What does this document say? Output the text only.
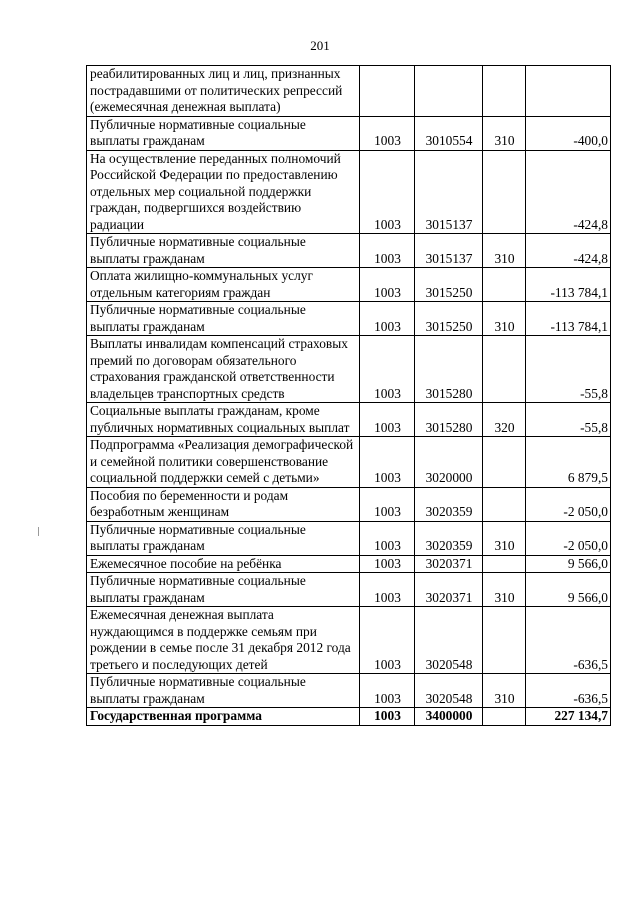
201
реабилитированных лиц и лиц, признанных пострадавшими от политических репрессий (ежемесячная денежная выплата)				
Публичные нормативные социальные выплаты гражданам	1003	3010554	310	-400,0
На осуществление переданных полномочий Российской Федерации по предоставлению отдельных мер социальной поддержки граждан, подвергшихся воздействию радиации	1003	3015137		-424,8
Публичные нормативные социальные выплаты гражданам	1003	3015137	310	-424,8
Оплата жилищно-коммунальных услуг отдельным категориям граждан	1003	3015250		-113 784,1
Публичные нормативные социальные выплаты гражданам	1003	3015250	310	-113 784,1
Выплаты инвалидам компенсаций страховых премий по договорам обязательного страхования гражданской ответственности владельцев транспортных средств	1003	3015280		-55,8
Социальные выплаты гражданам, кроме публичных нормативных социальных выплат	1003	3015280	320	-55,8
Подпрограмма «Реализация демографической и семейной политики совершенствование социальной поддержки семей с детьми»	1003	3020000		6 879,5
Пособия по беременности и родам безработным женщинам	1003	3020359		-2 050,0
Публичные нормативные социальные выплаты гражданам	1003	3020359	310	-2 050,0
Ежемесячное пособие на ребёнка	1003	3020371		9 566,0
Публичные нормативные социальные выплаты гражданам	1003	3020371	310	9 566,0
Ежемесячная денежная выплата нуждающимся в поддержке семьям при рождении в семье после 31 декабря 2012 года третьего и последующих детей	1003	3020548		-636,5
Публичные нормативные социальные выплаты гражданам	1003	3020548	310	-636,5
Государственная программа	1003	3400000		227 134,7
